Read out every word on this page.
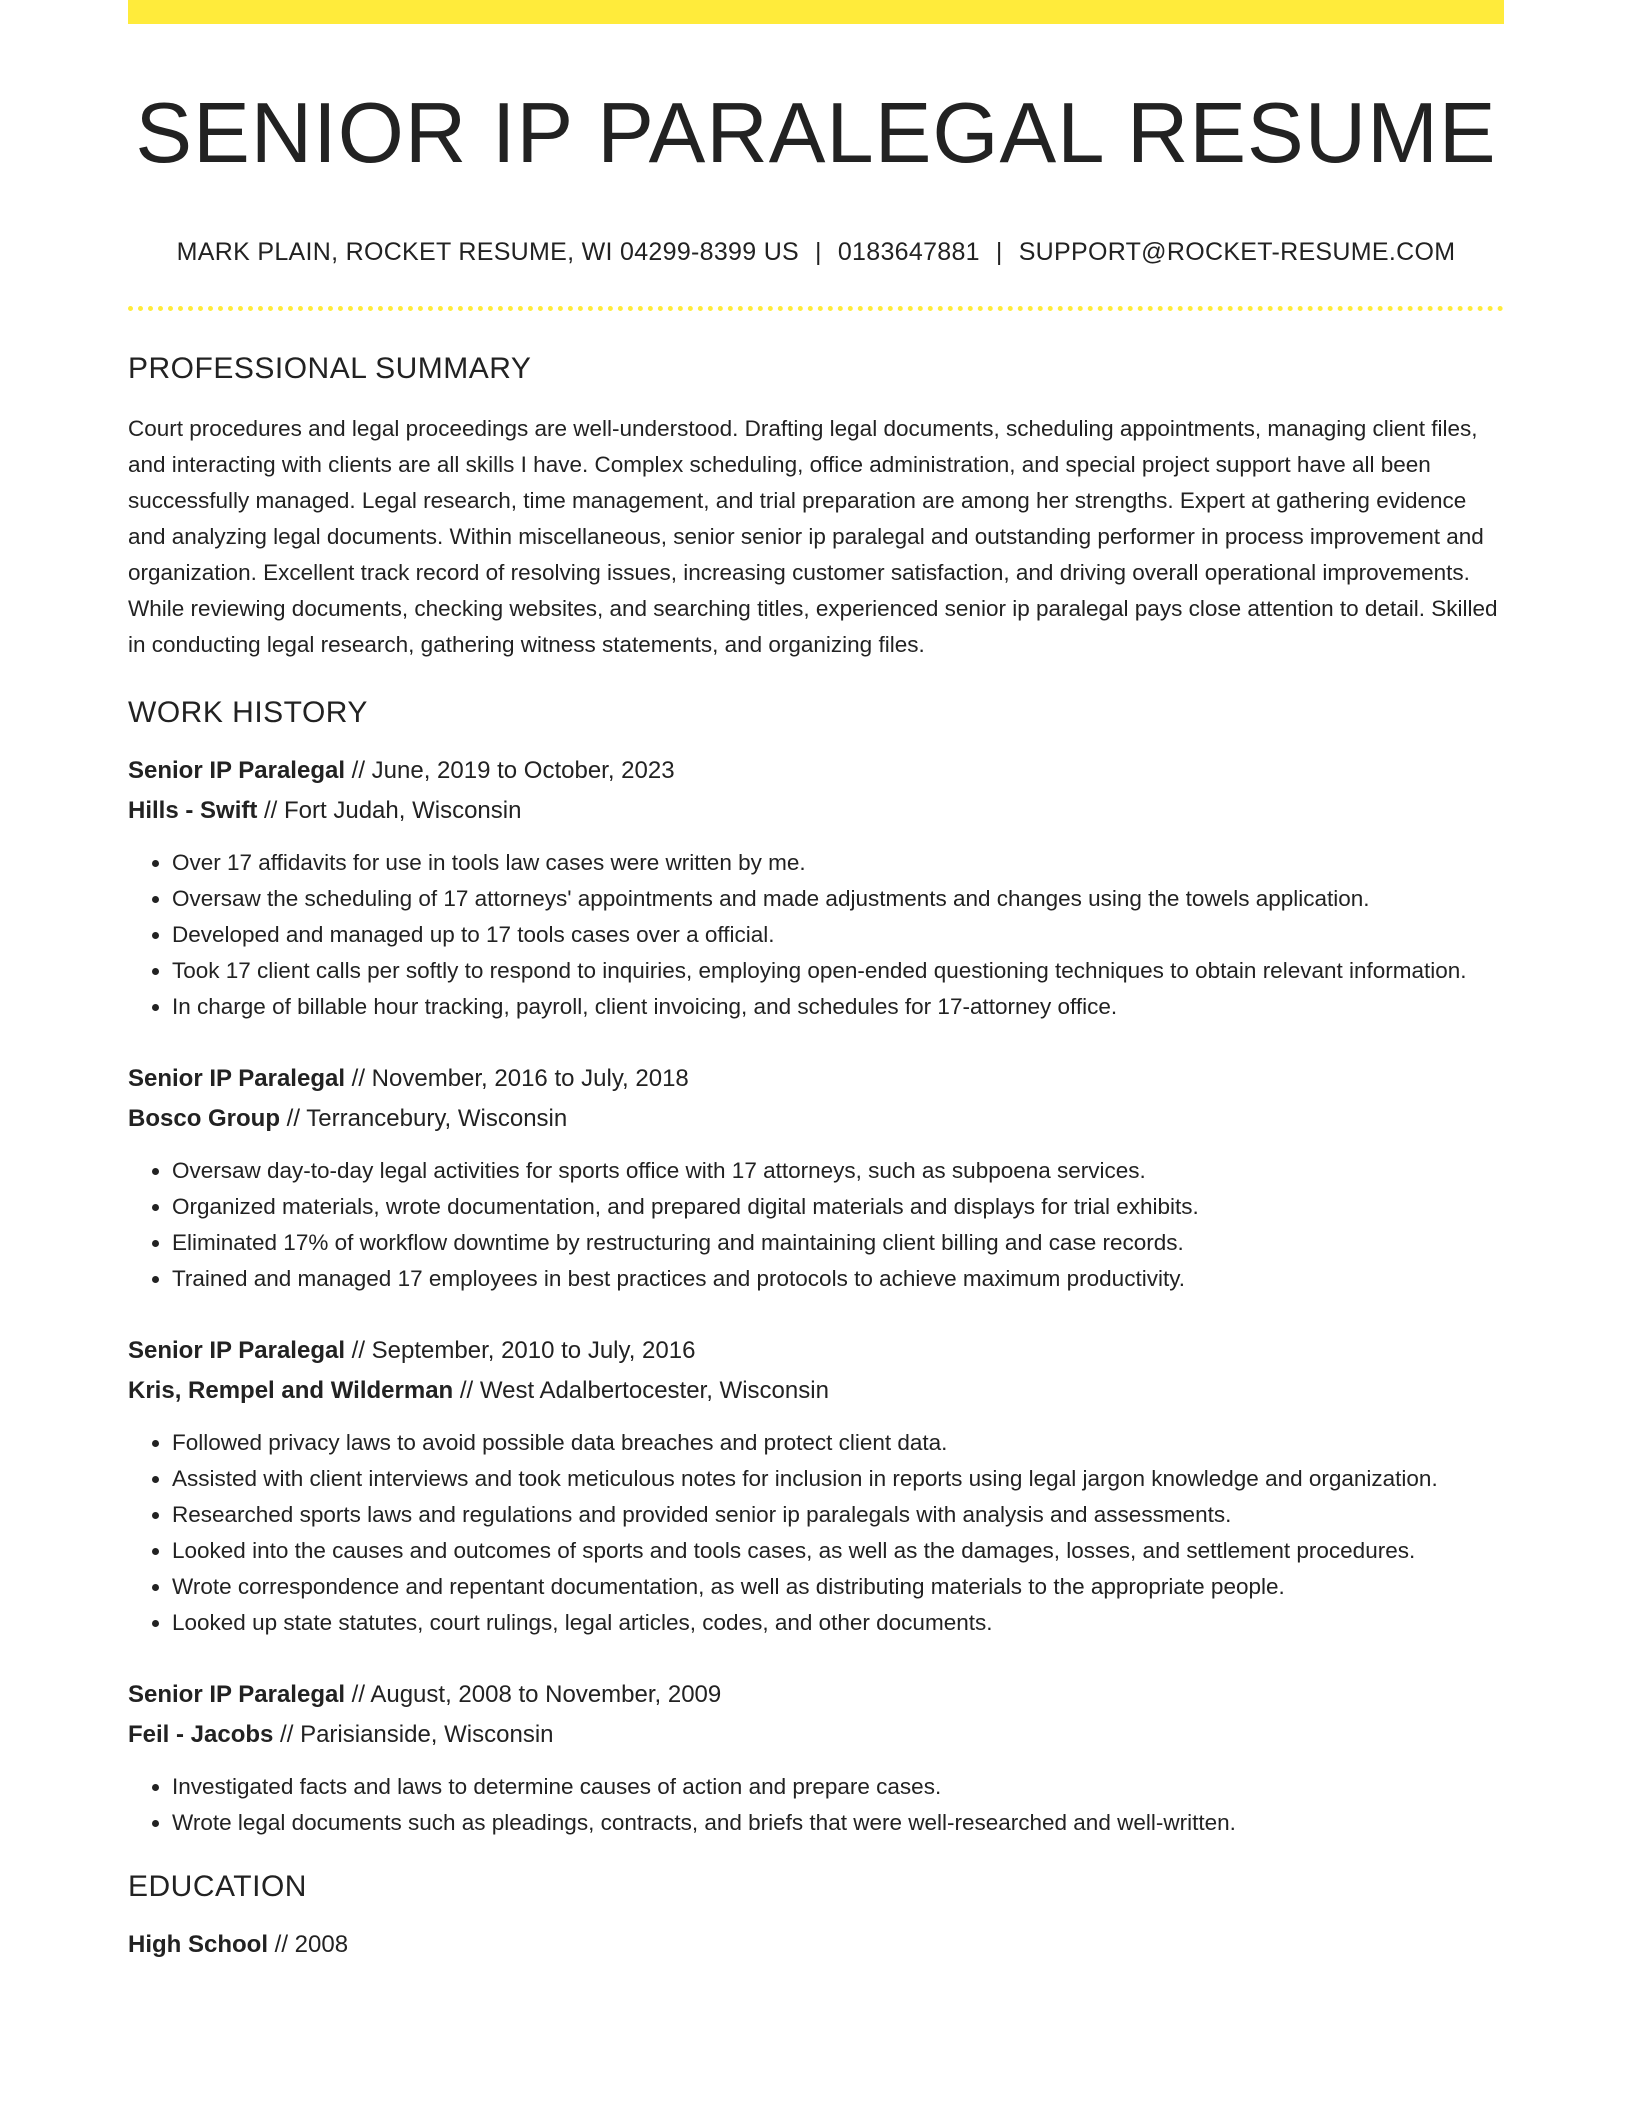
SENIOR IP PARALEGAL RESUME
MARK PLAIN, ROCKET RESUME, WI 04299-8399 US | 0183647881 | SUPPORT@ROCKET-RESUME.COM
PROFESSIONAL SUMMARY

Court procedures and legal proceedings are well-understood. Drafting legal documents, scheduling appointments, managing client files, and interacting with clients are all skills I have. Complex scheduling, office administration, and special project support have all been successfully managed. Legal research, time management, and trial preparation are among her strengths. Expert at gathering evidence and analyzing legal documents. Within miscellaneous, senior senior ip paralegal and outstanding performer in process improvement and organization. Excellent track record of resolving issues, increasing customer satisfaction, and driving overall operational improvements. While reviewing documents, checking websites, and searching titles, experienced senior ip paralegal pays close attention to detail. Skilled in conducting legal research, gathering witness statements, and organizing files.

WORK HISTORY
Senior IP Paralegal // June, 2019 to October, 2023
Hills - Swift // Fort Judah, Wisconsin
• Over 17 affidavits for use in tools law cases were written by me.
• Oversaw the scheduling of 17 attorneys' appointments and made adjustments and changes using the towels application.
• Developed and managed up to 17 tools cases over a official.
• Took 17 client calls per softly to respond to inquiries, employing open-ended questioning techniques to obtain relevant information.
• In charge of billable hour tracking, payroll, client invoicing, and schedules for 17-attorney office.
Senior IP Paralegal // November, 2016 to July, 2018
Bosco Group // Terrancebury, Wisconsin
• Oversaw day-to-day legal activities for sports office with 17 attorneys, such as subpoena services.
• Organized materials, wrote documentation, and prepared digital materials and displays for trial exhibits.
• Eliminated 17% of workflow downtime by restructuring and maintaining client billing and case records.
• Trained and managed 17 employees in best practices and protocols to achieve maximum productivity.
Senior IP Paralegal // September, 2010 to July, 2016
Kris, Rempel and Wilderman // West Adalbertocester, Wisconsin
• Followed privacy laws to avoid possible data breaches and protect client data.
• Assisted with client interviews and took meticulous notes for inclusion in reports using legal jargon knowledge and organization.
• Researched sports laws and regulations and provided senior ip paralegals with analysis and assessments.
• Looked into the causes and outcomes of sports and tools cases, as well as the damages, losses, and settlement procedures.
• Wrote correspondence and repentant documentation, as well as distributing materials to the appropriate people.
• Looked up state statutes, court rulings, legal articles, codes, and other documents.
Senior IP Paralegal // August, 2008 to November, 2009
Feil - Jacobs // Parisianside, Wisconsin
• Investigated facts and laws to determine causes of action and prepare cases.
• Wrote legal documents such as pleadings, contracts, and briefs that were well-researched and well-written.
EDUCATION
High School // 2008
